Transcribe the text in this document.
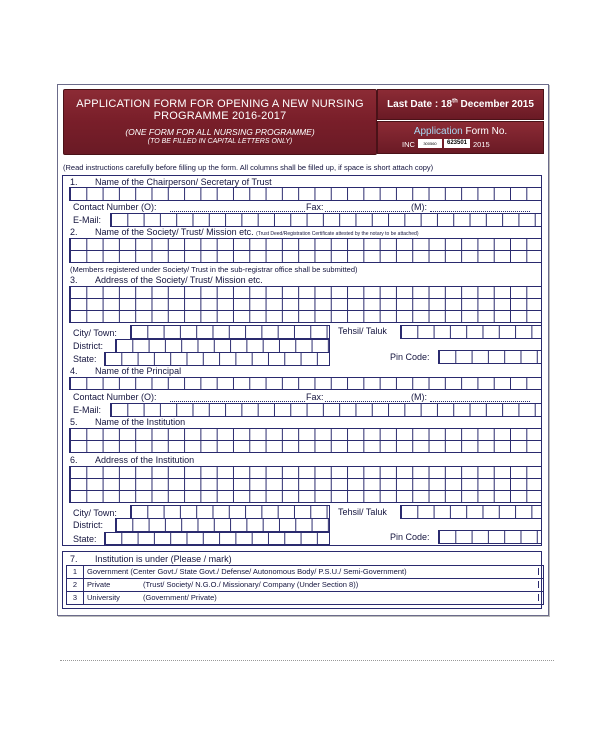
APPLICATION FORM FOR OPENING A NEW NURSING
PROGRAMME 2016-2017
(ONE FORM FOR ALL NURSING PROGRAMME)
(TO BE FILLED IN CAPITAL LETTERS ONLY)
Last Date : 18th December 2015
Application Form No.
INC	300560	623501 2015
(Read instructions carefully before filling up the form. All columns shall be filled up, if space is short attach copy)
1. Name of the Chairperson/ Secretary of Trust
Contact Number (O):	Fax:	(M):
E-Mail:
2. Name of the Society/ Trust/ Mission etc. (Trust Deed/Registration Certificate attested by the notary to be attached)
(Members registered under Society/ Trust in the sub-registrar office shall be submitted)
3. Address of the Society/ Trust/ Mission etc.
City/ Town:	Tehsil/ Taluk
District:
State:	Pin Code:
4. Name of the Principal
Contact Number (O):	Fax:	(M):
E-Mail:
5. Name of the Institution
6. Address of the Institution
City/ Town:	Tehsil/ Taluk
District:
State:	Pin Code:
7. Institution is under (Please / mark)
1	Government (Center Govt./ State Govt./ Defense/ Autonomous Body/ P.S.U./ Semi-Government)
2	Private	(Trust/ Society/ N.G.O./ Missionary/ Company (Under Section 8))
3	University	(Government/ Private)
